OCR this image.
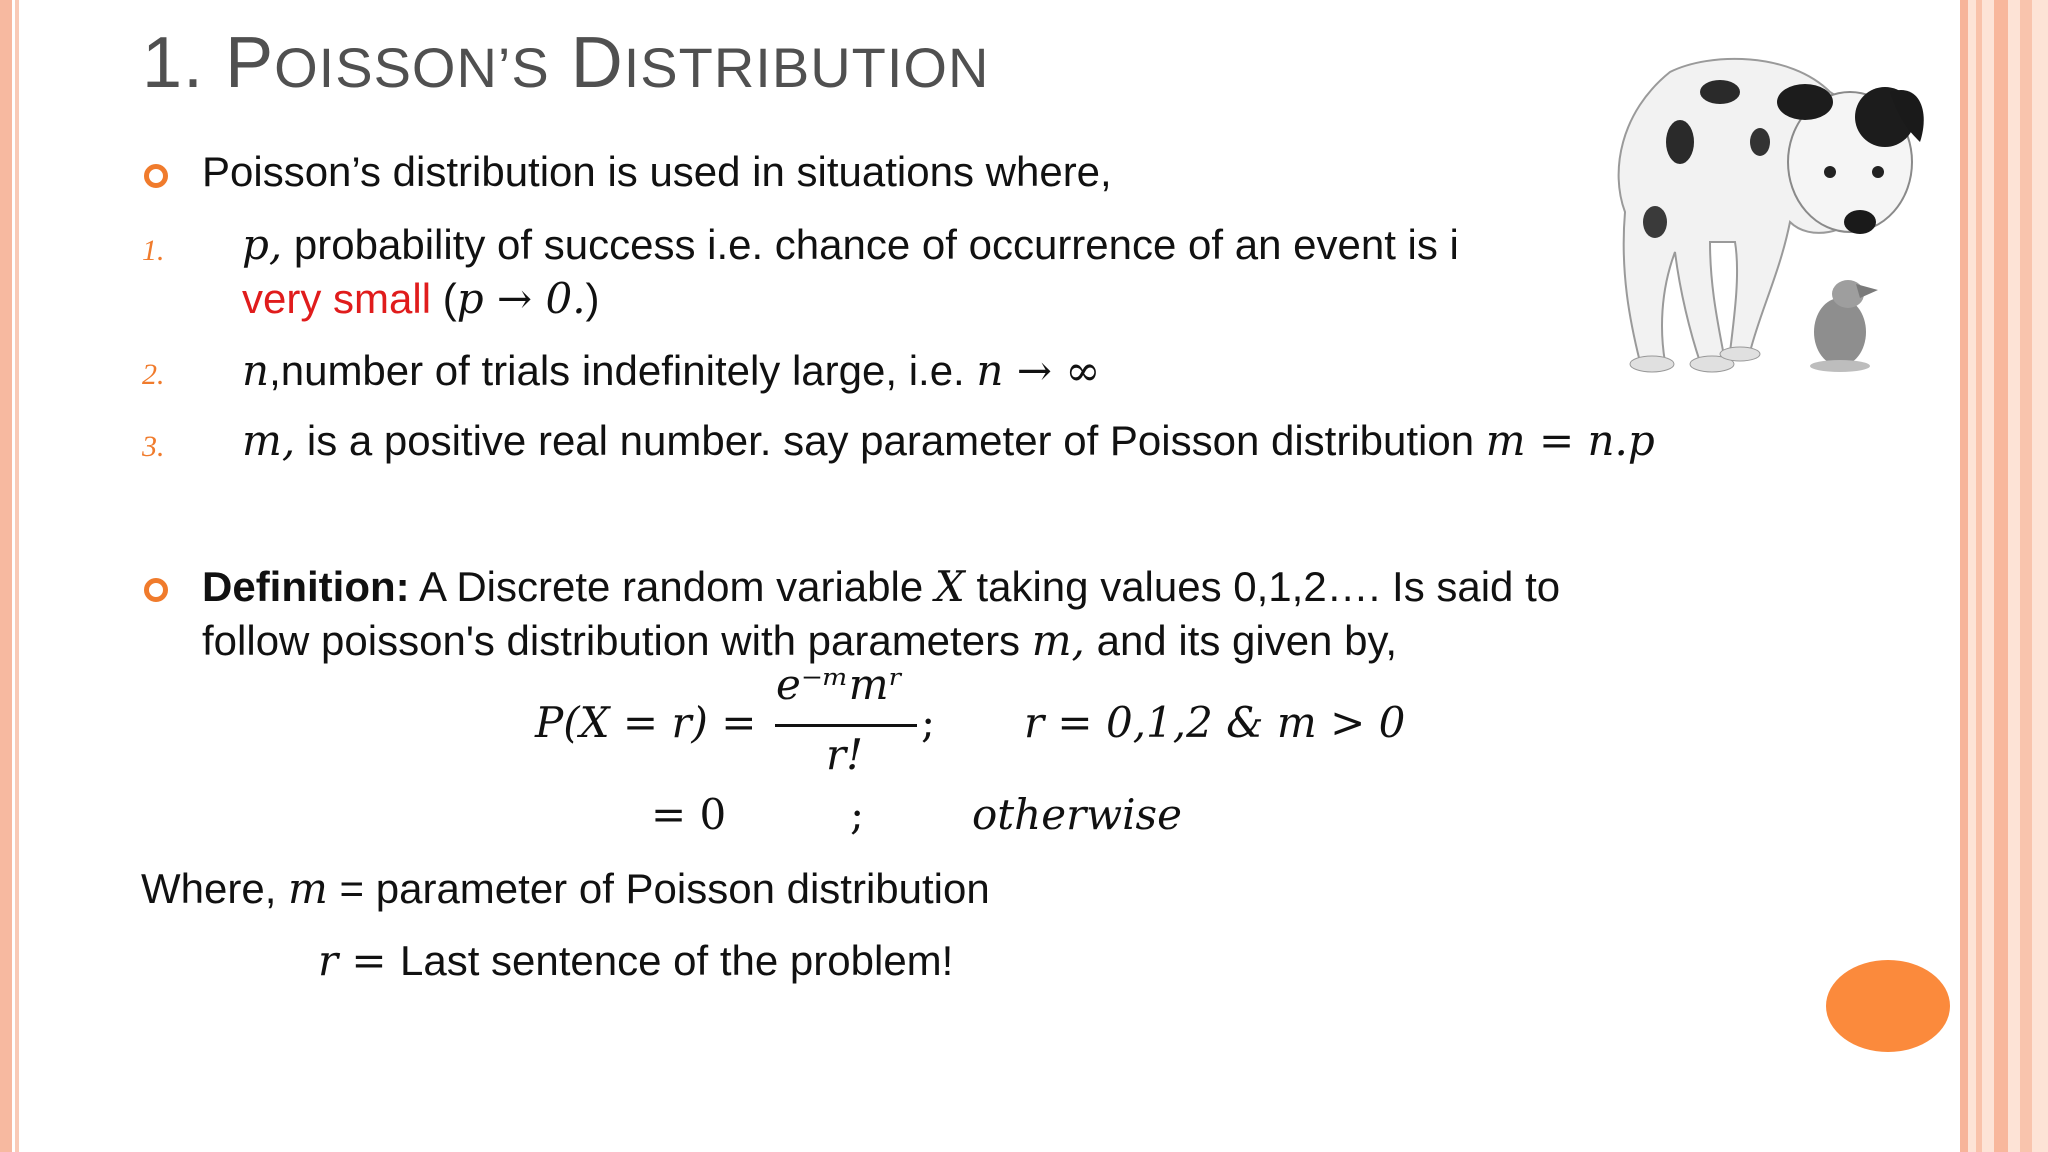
1. POISSON’S DISTRIBUTION
Poisson’s distribution is used in situations where,
1. p, probability of success i.e. chance of occurrence of an event is i
very small (p → 0.)
2. n,number of trials indefinitely large, i.e. n → ∞
3. m, is a positive real number. say parameter of Poisson distribution m = n.p
Definition: A Discrete random variable X taking values 0,1,2…. Is said to
follow poisson's distribution with parameters m, and its given by,
P(X = r) =
e⁻ᵐmʳ
r!
; r = 0,1,2 & m > 0
= 0	;	otherwise
Where, m = parameter of Poisson distribution
r = Last sentence of the problem!
